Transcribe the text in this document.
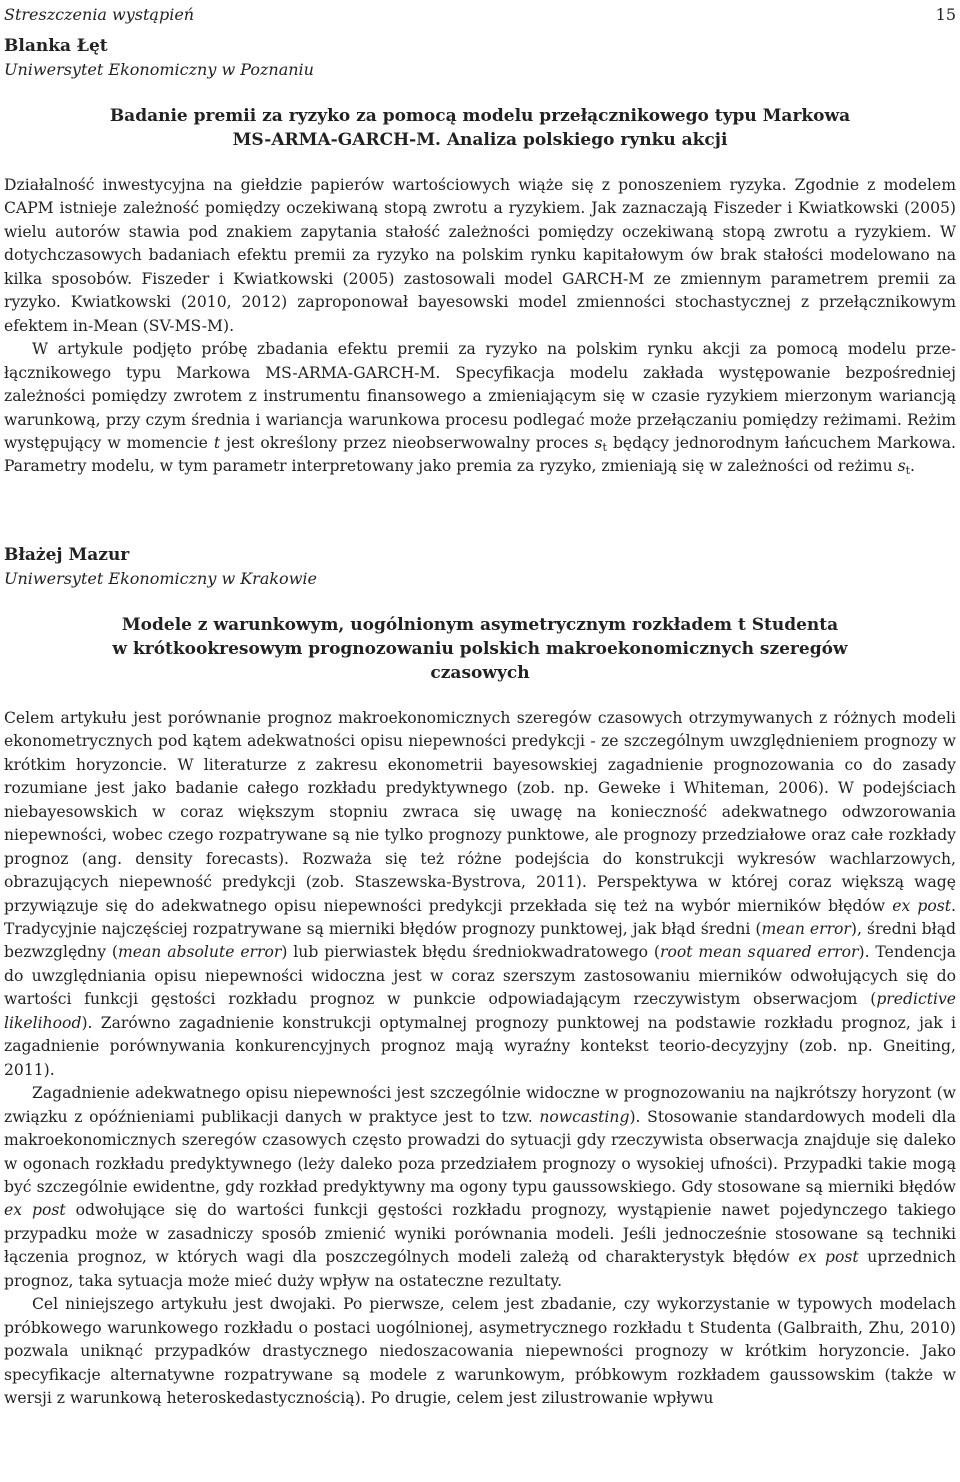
Streszczenia wystąpień	15
Blanka Łęt
Uniwersytet Ekonomiczny w Poznaniu
Badanie premii za ryzyko za pomocą modelu przełącznikowego typu Markowa
MS-ARMA-GARCH-M. Analiza polskiego rynku akcji

Działalność inwestycyjna na giełdzie papierów wartościowych wiąże się z ponoszeniem ryzyka. Zgodnie z modelem CAPM istnieje zależność pomiędzy oczekiwaną stopą zwrotu a ryzykiem. Jak zaznaczają Fiszeder i Kwiatkowski (2005) wielu autorów stawia pod znakiem zapytania stałość zależności pomiędzy oczekiwaną stopą zwrotu a ryzykiem. W dotychczasowych badaniach efektu premii za ryzyko na polskim rynku kapitałowym ów brak stałości modelowano na kilka sposobów. Fiszeder i Kwiatkowski (2005) zastosowali model GARCH-M ze zmiennym parametrem premii za ryzyko. Kwiatkowski (2010, 2012) zaproponował bayesowski model zmienności stochastycznej z przełącznikowym efektem in-Mean (SV-MS-M).

W artykule podjęto próbę zbadania efektu premii za ryzyko na polskim rynku akcji za pomocą modelu przełącznikowego typu Markowa MS-ARMA-GARCH-M. Specyfikacja modelu zakłada występowanie bezpośredniej zależności pomiędzy zwrotem z instrumentu finansowego a zmieniającym się w czasie ryzykiem mierzonym wariancją warunkową, przy czym średnia i wariancja warunkowa procesu podlegać może przełączaniu pomiędzy reżimami. Reżim występujący w momencie t jest określony przez nieobserwowalny proces $s_t$ będący jednorodnym łańcuchem Markowa. Parametry modelu, w tym parametr interpretowany jako premia za ryzyko, zmieniają się w zależności od reżimu $s_t$.

Błażej Mazur
Uniwersytet Ekonomiczny w Krakowie
Modele z warunkowym, uogólnionym asymetrycznym rozkładem t Studenta
w krótkookresowym prognozowaniu polskich makroekonomicznych szeregów
czasowych

Celem artykułu jest porównanie prognoz makroekonomicznych szeregów czasowych otrzymywanych z różnych modeli ekonometrycznych pod kątem adekwatności opisu niepewności predykcji - ze szczególnym uwzględnieniem prognozy w krótkim horyzoncie. W literaturze z zakresu ekonometrii bayesowskiej zagadnienie prognozowania co do zasady rozumiane jest jako badanie całego rozkładu predyktywnego (zob. np. Geweke i Whiteman, 2006). W podejściach niebayesowskich w coraz większym stopniu zwraca się uwagę na konieczność adekwatnego odwzorowania niepewności, wobec czego rozpatrywane są nie tylko prognozy punktowe, ale prognozy przedziałowe oraz całe rozkłady prognoz (ang. density forecasts). Rozważa się też różne podejścia do konstrukcji wykresów wachlarzowych, obrazujących niepewność predykcji (zob. Staszewska-Bystrova, 2011). Perspektywa w której coraz większą wagę przywiązuje się do adekwatnego opisu niepewności predykcji przekłada się też na wybór mierników błędów ex post. Tradycyjnie najczęściej rozpatrywane są mierniki błędów prognozy punktowej, jak błąd średni (mean error), średni błąd bezwzględny (mean absolute error) lub pierwiastek błędu średniokwadratowego (root mean squared error). Tendencja do uwzględniania opisu niepewności widoczna jest w coraz szerszym zastosowaniu mierników odwołujących się do wartości funkcji gęstości rozkładu prognoz w punkcie odpowiadającym rzeczywistym obserwacjom (predictive likelihood). Zarówno zagadnienie konstrukcji optymalnej prognozy punktowej na podstawie rozkładu prognoz, jak i zagadnienie porównywania konkurencyjnych prognoz mają wyraźny kontekst teorio-decyzyjny (zob. np. Gneiting, 2011).

Zagadnienie adekwatnego opisu niepewności jest szczególnie widoczne w prognozowaniu na najkrótszy horyzont (w związku z opóźnieniami publikacji danych w praktyce jest to tzw. nowcasting). Stosowanie standardowych modeli dla makroekonomicznych szeregów czasowych często prowadzi do sytuacji gdy rzeczywista obserwacja znajduje się daleko w ogonach rozkładu predyktywnego (leży daleko poza przedziałem prognozy o wysokiej ufności). Przypadki takie mogą być szczególnie ewidentne, gdy rozkład predyktywny ma ogony typu gaussowskiego. Gdy stosowane są mierniki błędów ex post odwołujące się do wartości funkcji gęstości rozkładu prognozy, wystąpienie nawet pojedynczego takiego przypadku może w zasadniczy sposób zmienić wyniki porównania modeli. Jeśli jednocześnie stosowane są techniki łączenia prognoz, w których wagi dla poszczególnych modeli zależą od charakterystyk błędów ex post uprzednich prognoz, taka sytuacja może mieć duży wpływ na ostateczne rezultaty.

Cel niniejszego artykułu jest dwojaki. Po pierwsze, celem jest zbadanie, czy wykorzystanie w typowych modelach próbkowego warunkowego rozkładu o postaci uogólnionej, asymetrycznego rozkładu t Studenta (Galbraith, Zhu, 2010) pozwala uniknąć przypadków drastycznego niedoszacowania niepewności prognozy w krótkim horyzoncie. Jako specyfikacje alternatywne rozpatrywane są modele z warunkowym, próbkowym rozkładem gaussowskim (także w wersji z warunkową heteroskedastycznością). Po drugie, celem jest zilustrowanie wpływu
